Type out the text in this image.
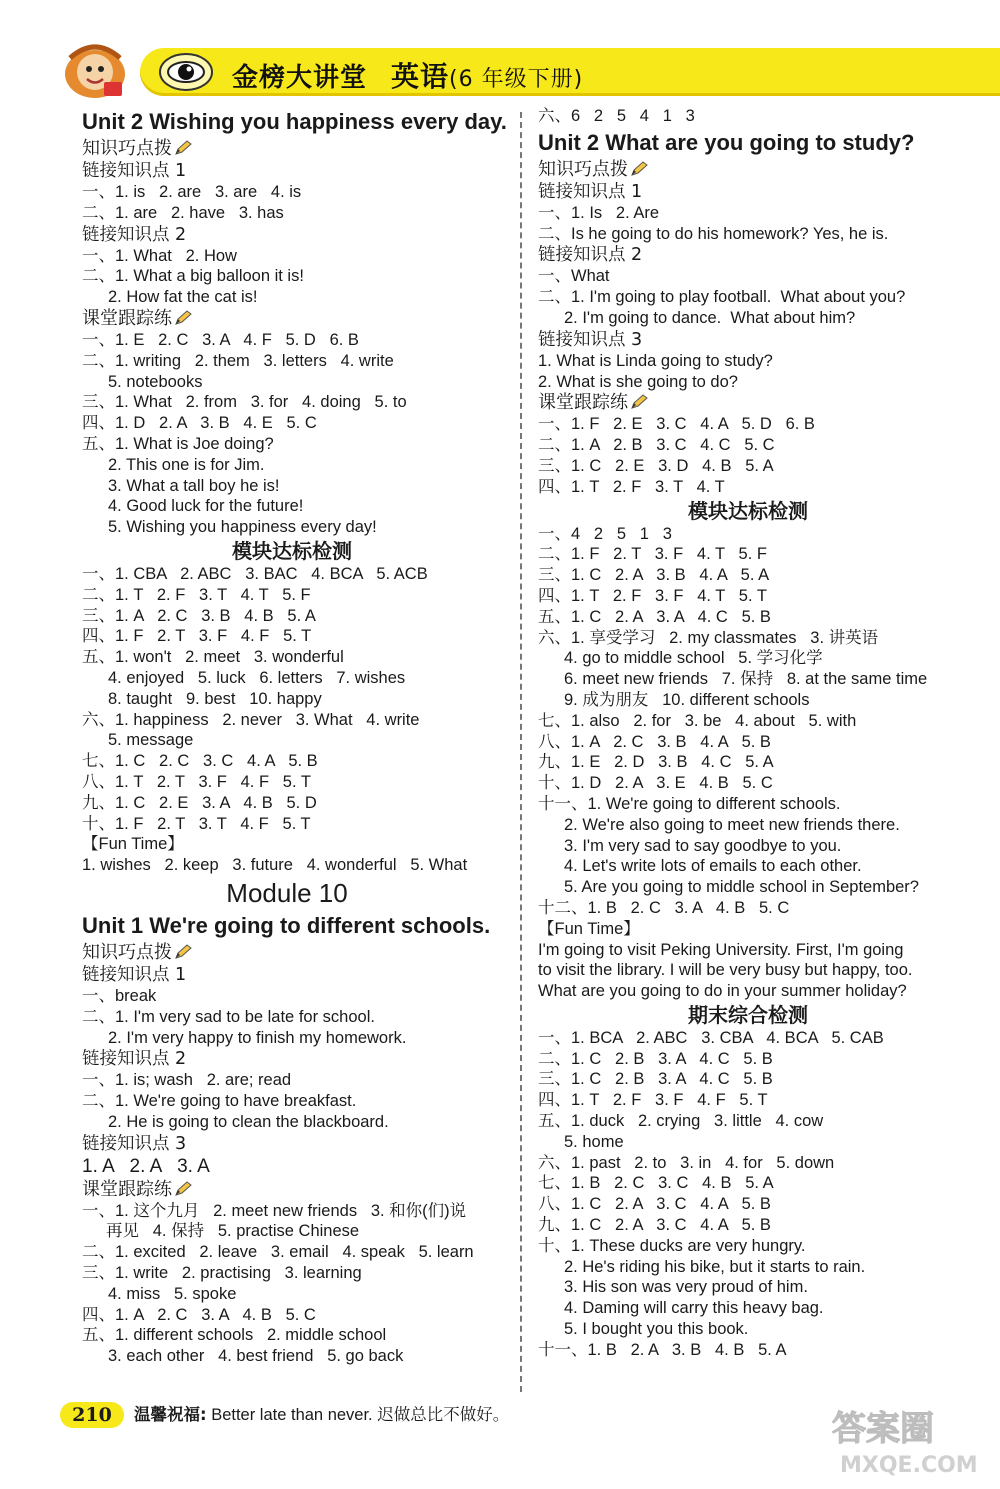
金榜大讲堂 英语(6 年级下册)
Unit 2 Wishing you happiness every day.
知识巧点拨
链接知识点 1
一、1. is   2. are   3. are   4. is
二、1. are   2. have   3. has
链接知识点 2
一、1. What   2. How
二、1. What a big balloon it is!
2. How fat the cat is!
课堂跟踪练
一、1. E   2. C   3. A   4. F   5. D   6. B
二、1. writing   2. them   3. letters   4. write
5. notebooks
三、1. What   2. from   3. for   4. doing   5. to
四、1. D   2. A   3. B   4. E   5. C
五、1. What is Joe doing?
2. This one is for Jim.
3. What a tall boy he is!
4. Good luck for the future!
5. Wishing you happiness every day!
模块达标检测
一、1. CBA   2. ABC   3. BAC   4. BCA   5. ACB
二、1. T   2. F   3. T   4. T   5. F
三、1. A   2. C   3. B   4. B   5. A
四、1. F   2. T   3. F   4. F   5. T
五、1. won't   2. meet   3. wonderful
4. enjoyed   5. luck   6. letters   7. wishes
8. taught   9. best   10. happy
六、1. happiness   2. never   3. What   4. write
5. message
七、1. C   2. C   3. C   4. A   5. B
八、1. T   2. T   3. F   4. F   5. T
九、1. C   2. E   3. A   4. B   5. D
十、1. F   2. T   3. T   4. F   5. T
【Fun Time】
1. wishes   2. keep   3. future   4. wonderful   5. What
Module 10
Unit 1 We're going to different schools.
知识巧点拨
链接知识点 1
一、break
二、1. I'm very sad to be late for school.
2. I'm very happy to finish my homework.
链接知识点 2
一、1. is; wash   2. are; read
二、1. We're going to have breakfast.
2. He is going to clean the blackboard.
链接知识点 3
1. A   2. A   3. A
课堂跟踪练
一、1. 这个九月   2. meet new friends   3. 和你(们)说
再见   4. 保持   5. practise Chinese
二、1. excited   2. leave   3. email   4. speak   5. learn
三、1. write   2. practising   3. learning
4. miss   5. spoke
四、1. A   2. C   3. A   4. B   5. C
五、1. different schools   2. middle school
3. each other   4. best friend   5. go back
六、6   2   5   4   1   3
Unit 2 What are you going to study?
知识巧点拨
链接知识点 1
一、1. Is   2. Are
二、Is he going to do his homework? Yes, he is.
链接知识点 2
一、What
二、1. I'm going to play football.  What about you?
2. I'm going to dance.  What about him?
链接知识点 3
1. What is Linda going to study?
2. What is she going to do?
课堂跟踪练
一、1. F   2. E   3. C   4. A   5. D   6. B
二、1. A   2. B   3. C   4. C   5. C
三、1. C   2. E   3. D   4. B   5. A
四、1. T   2. F   3. T   4. T
模块达标检测
一、4   2   5   1   3
二、1. F   2. T   3. F   4. T   5. F
三、1. C   2. A   3. B   4. A   5. A
四、1. T   2. F   3. F   4. T   5. T
五、1. C   2. A   3. A   4. C   5. B
六、1. 享受学习   2. my classmates   3. 讲英语
4. go to middle school   5. 学习化学
6. meet new friends   7. 保持   8. at the same time
9. 成为朋友   10. different schools
七、1. also   2. for   3. be   4. about   5. with
八、1. A   2. C   3. B   4. A   5. B
九、1. E   2. D   3. B   4. C   5. A
十、1. D   2. A   3. E   4. B   5. C
十一、1. We're going to different schools.
2. We're also going to meet new friends there.
3. I'm very sad to say goodbye to you.
4. Let's write lots of emails to each other.
5. Are you going to middle school in September?
十二、1. B   2. C   3. A   4. B   5. C
【Fun Time】
I'm going to visit Peking University. First, I'm going
to visit the library. I will be very busy but happy, too.
What are you going to do in your summer holiday?
期末综合检测
一、1. BCA   2. ABC   3. CBA   4. BCA   5. CAB
二、1. C   2. B   3. A   4. C   5. B
三、1. C   2. B   3. A   4. C   5. B
四、1. T   2. F   3. F   4. F   5. T
五、1. duck   2. crying   3. little   4. cow
5. home
六、1. past   2. to   3. in   4. for   5. down
七、1. B   2. C   3. C   4. B   5. A
八、1. C   2. A   3. C   4. A   5. B
九、1. C   2. A   3. C   4. A   5. B
十、1. These ducks are very hungry.
2. He's riding his bike, but it starts to rain.
3. His son was very proud of him.
4. Daming will carry this heavy bag.
5. I bought you this book.
十一、1. B   2. A   3. B   4. B   5. A
210	温馨祝福: Better late than never. 迟做总比不做好。	答案圈
MXQE.COM
